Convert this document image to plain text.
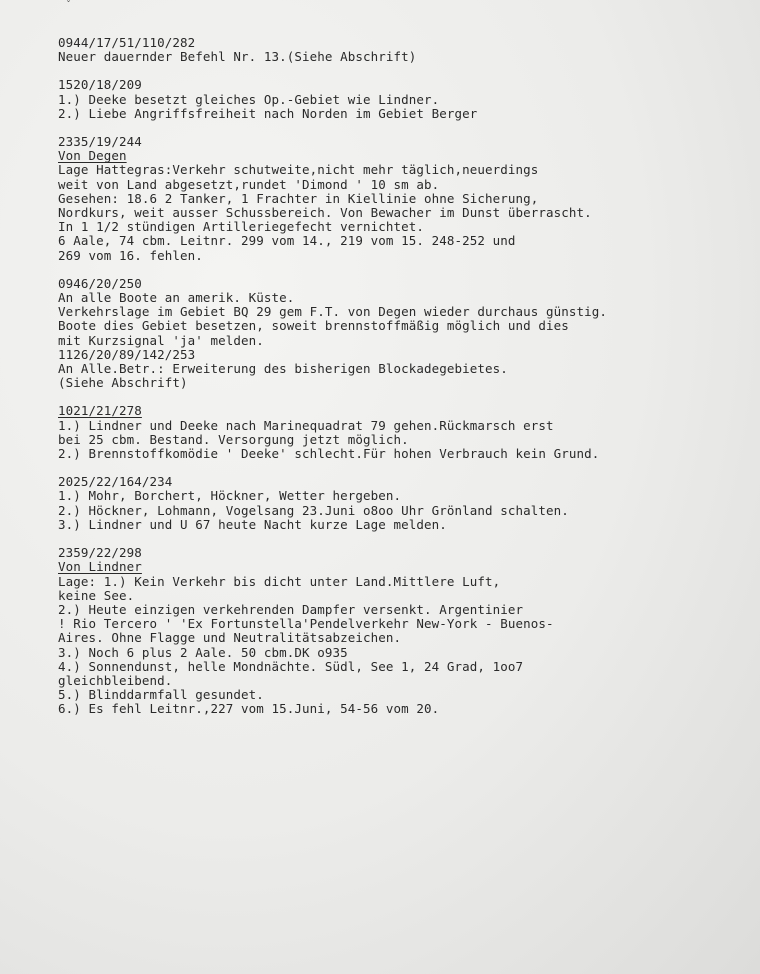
ˇ
0944/17/51/110/282
Neuer dauernder Befehl Nr. 13.(Siehe Abschrift)
1520/18/209
1.) Deeke besetzt gleiches Op.-Gebiet wie Lindner.
2.) Liebe Angriffsfreiheit nach Norden im Gebiet Berger
2335/19/244
Von Degen
Lage Hattegras:Verkehr schutweite,nicht mehr täglich,neuerdings
weit von Land abgesetzt,rundet 'Dimond ' 10 sm ab.
Gesehen: 18.6 2 Tanker, 1 Frachter in Kiellinie ohne Sicherung,
Nordkurs, weit ausser Schussbereich. Von Bewacher im Dunst überrascht.
In 1 1/2 stündigen Artilleriegefecht vernichtet.
6 Aale, 74 cbm. Leitnr. 299 vom 14., 219 vom 15. 248-252 und
269 vom 16. fehlen.
0946/20/250
An alle Boote an amerik. Küste.
Verkehrslage im Gebiet BQ 29 gem F.T. von Degen wieder durchaus günstig.
Boote dies Gebiet besetzen, soweit brennstoffmäßig möglich und dies
mit Kurzsignal 'ja' melden.
1126/20/89/142/253
An Alle.Betr.: Erweiterung des bisherigen Blockadegebietes.
(Siehe Abschrift)
1021/21/278
1.) Lindner und Deeke nach Marinequadrat 79 gehen.Rückmarsch erst
bei 25 cbm. Bestand. Versorgung jetzt möglich.
2.) Brennstoffkomödie ' Deeke' schlecht.Für hohen Verbrauch kein Grund.
2025/22/164/234
1.) Mohr, Borchert, Höckner, Wetter hergeben.
2.) Höckner, Lohmann, Vogelsang 23.Juni o8oo Uhr Grönland schalten.
3.) Lindner und U 67 heute Nacht kurze Lage melden.
2359/22/298
Von Lindner
Lage: 1.) Kein Verkehr bis dicht unter Land.Mittlere Luft,
keine See.
2.) Heute einzigen verkehrenden Dampfer versenkt. Argentinier
! Rio Tercero ' 'Ex Fortunstella'Pendelverkehr New-York - Buenos-
Aires. Ohne Flagge und Neutralitätsabzeichen.
3.) Noch 6 plus 2 Aale. 50 cbm.DK o935
4.) Sonnendunst, helle Mondnächte. Südl, See 1, 24 Grad, 1oo7
gleichbleibend.
5.) Blinddarmfall gesundet.
6.) Es fehl Leitnr.,227 vom 15.Juni, 54-56 vom 20.
